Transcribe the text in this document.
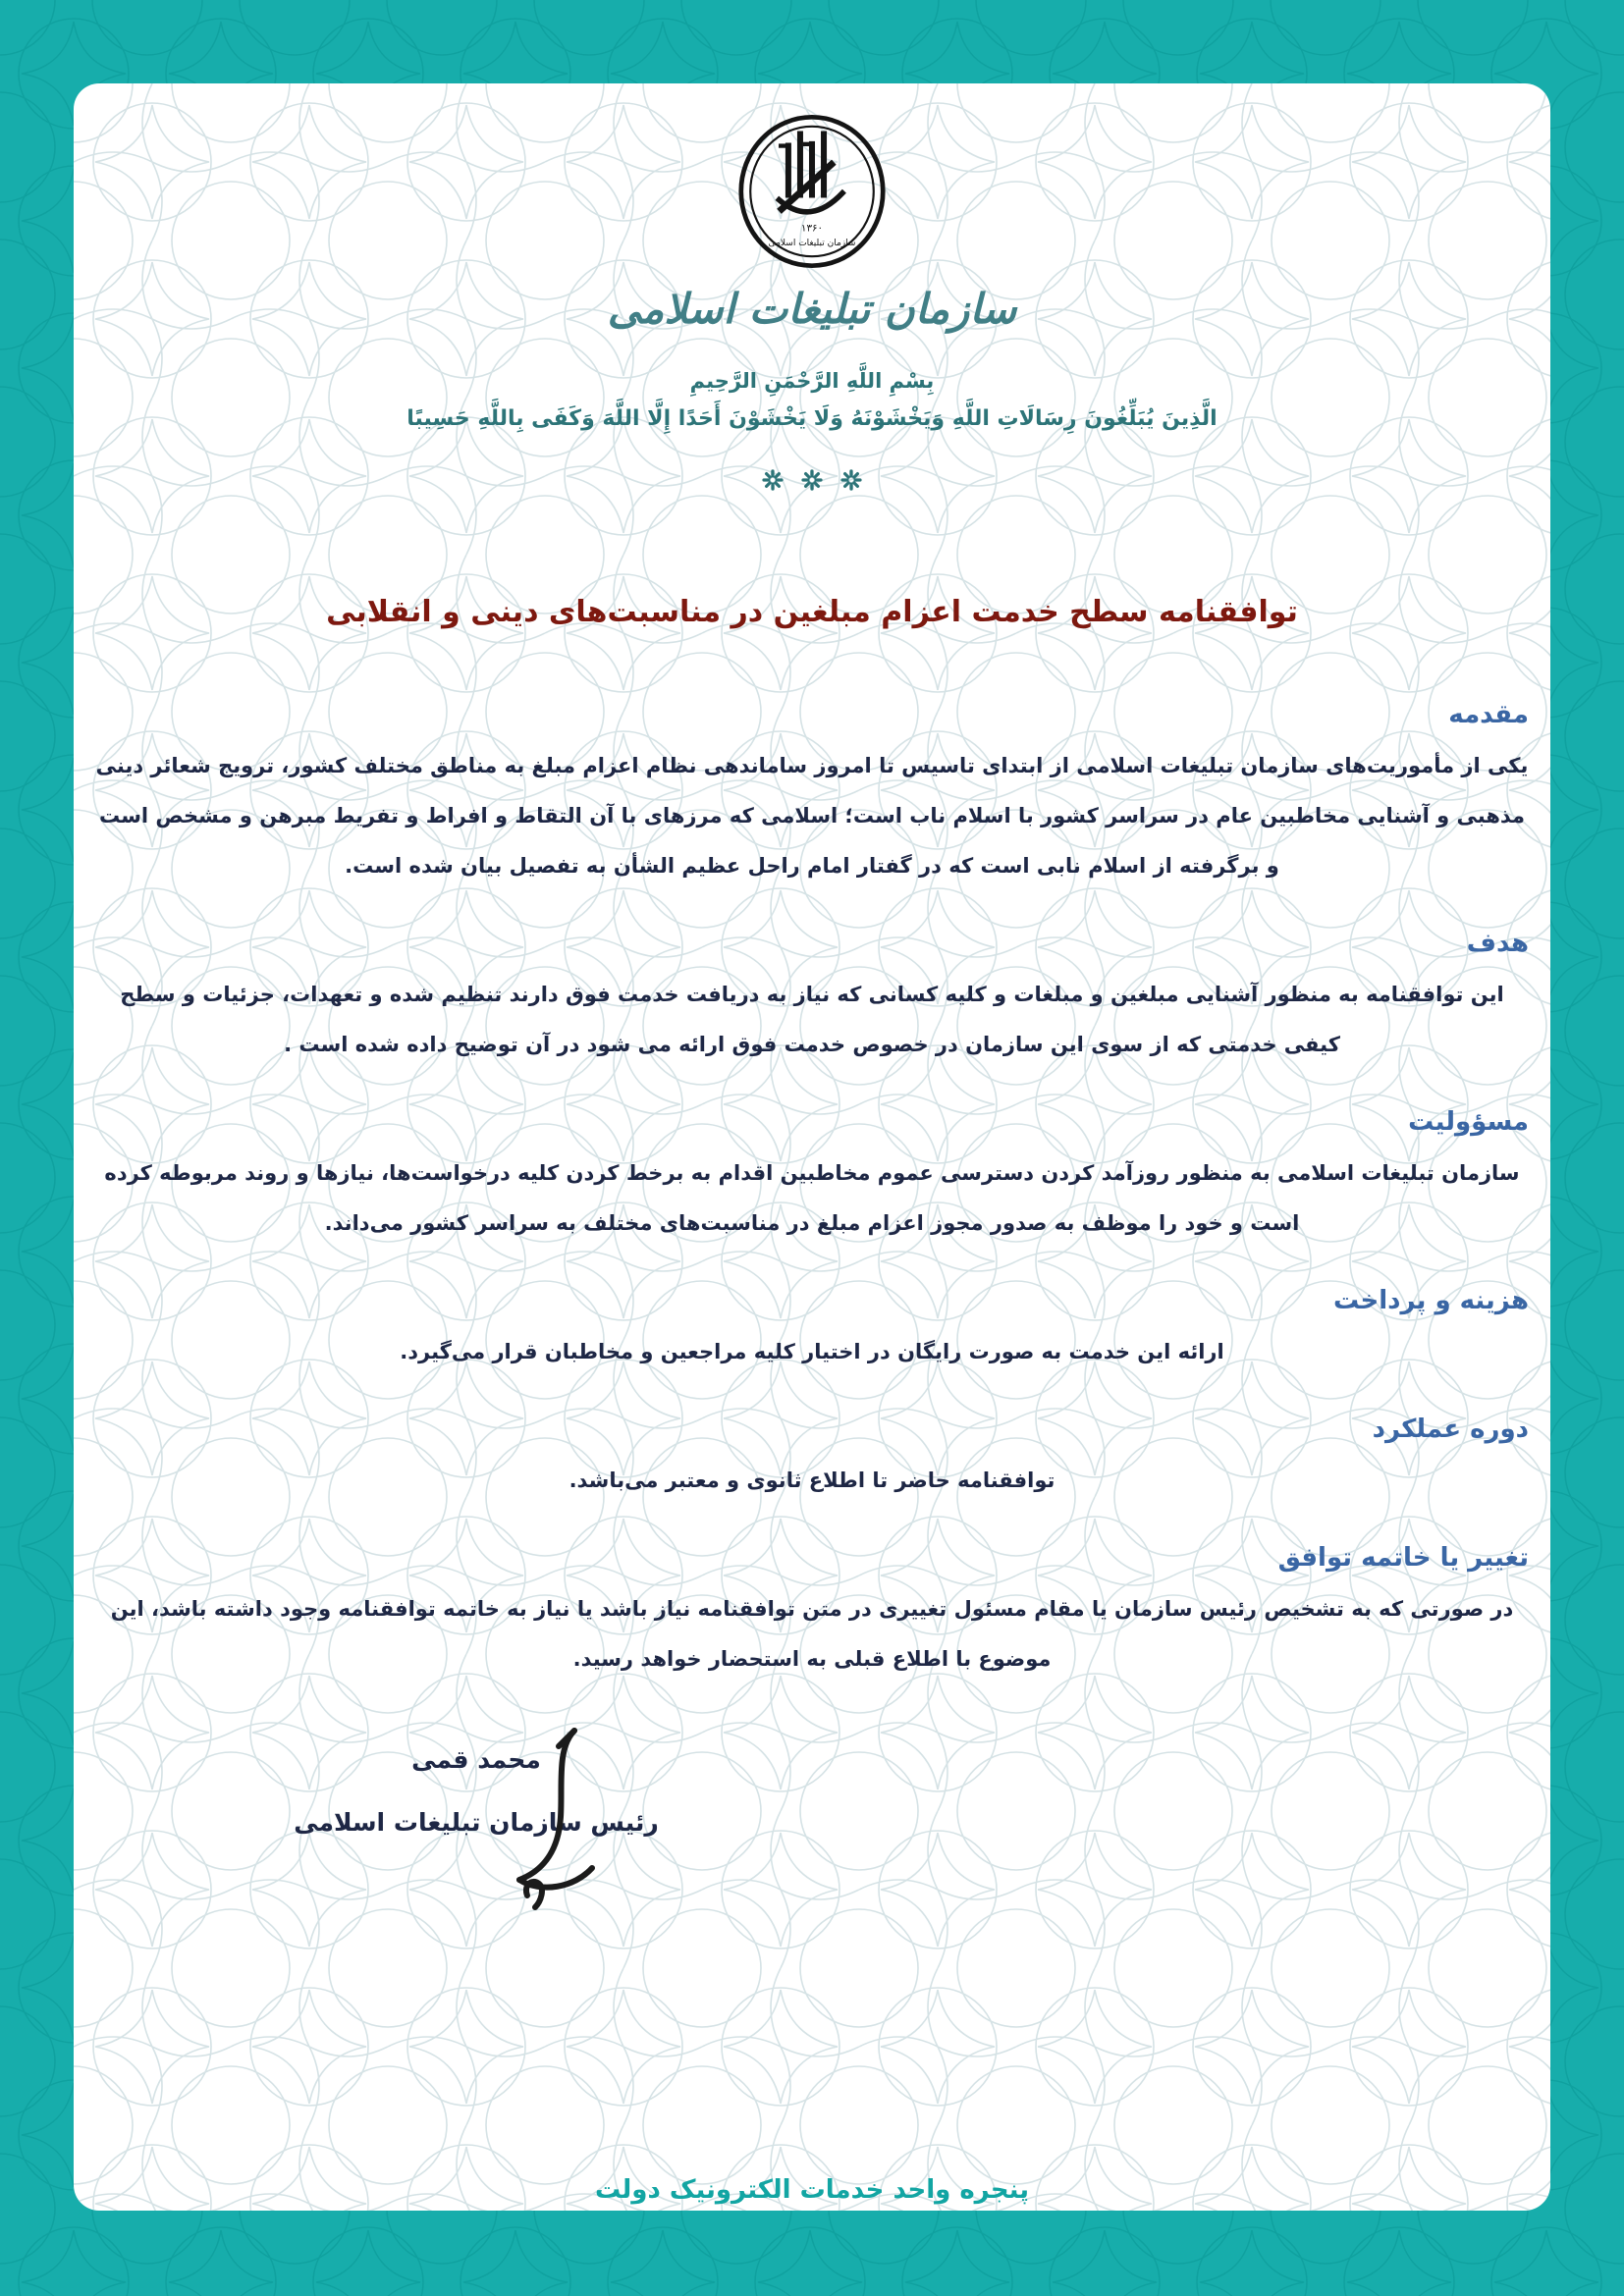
۱۳۶۰
سازمان تبلیغات اسلامی
سازمان تبلیغات اسلامی
بِسْمِ اللَّهِ الرَّحْمَنِ الرَّحِيمِ
الَّذِينَ يُبَلِّغُونَ رِسَالَاتِ اللَّهِ وَيَخْشَوْنَهُ وَلَا يَخْشَوْنَ أَحَدًا إِلَّا اللَّهَ وَكَفَى بِاللَّهِ حَسِيبًا
توافقنامه سطح خدمت اعزام مبلغین در مناسبت‌های دینی و انقلابی
مقدمه

یکی از مأموریت‌های سازمان تبلیغات اسلامی از ابتدای تاسیس تا امروز ساماندهی نظام اعزام مبلغ به مناطق مختلف کشور، ترویج شعائر دینی مذهبی و آشنایی مخاطبین عام در سراسر کشور با اسلام ناب است؛ اسلامی که مرزهای با آن التقاط و افراط و تفریط مبرهن و مشخص است و برگرفته از اسلام نابی است که در گفتار امام راحل عظیم الشأن به تفصیل بیان شده است.

هدف

این توافقنامه به منظور آشنایی مبلغین و مبلغات و کلیه کسانی که نیاز به دریافت خدمت فوق دارند تنظیم شده و تعهدات، جزئیات و سطح کیفی خدمتی که از سوی این سازمان در خصوص خدمت فوق ارائه می شود در آن توضیح داده شده است .

مسؤولیت

سازمان تبلیغات اسلامی به منظور روزآمد کردن دسترسی عموم مخاطبین اقدام به برخط کردن کلیه درخواست‌ها، نیازها و روند مربوطه کرده است و خود را موظف به صدور مجوز اعزام مبلغ در مناسبت‌های مختلف به سراسر کشور می‌داند.

هزینه و پرداخت

ارائه این خدمت به صورت رایگان در اختیار کلیه مراجعین و مخاطبان قرار می‌گیرد.

دوره عملکرد

توافقنامه حاضر تا اطلاع ثانوی و معتبر می‌باشد.

تغییر یا خاتمه توافق

در صورتی که به تشخیص رئیس سازمان یا مقام مسئول تغییری در متن توافقنامه نیاز باشد یا نیاز به خاتمه توافقنامه وجود داشته باشد، این موضوع با اطلاع قبلی به استحضار خواهد رسید.

محمد قمی
رئیس سازمان تبلیغات اسلامی
پنجره واحد خدمات الکترونیک دولت
